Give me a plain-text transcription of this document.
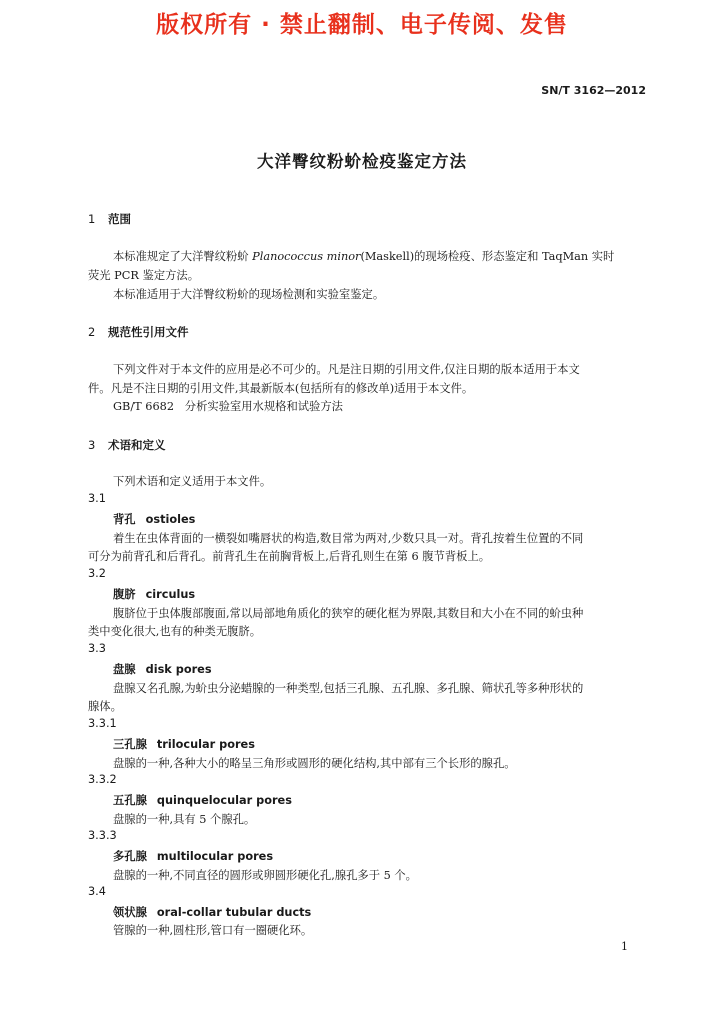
版权所有 · 禁止翻制、电子传阅、发售
SN/T 3162—2012
大洋臀纹粉蚧检疫鉴定方法
1 范围
本标准规定了大洋臀纹粉蚧 Planococcus minor(Maskell)的现场检疫、形态鉴定和 TaqMan 实时
荧光 PCR 鉴定方法。
本标准适用于大洋臀纹粉蚧的现场检测和实验室鉴定。
2 规范性引用文件
下列文件对于本文件的应用是必不可少的。凡是注日期的引用文件,仅注日期的版本适用于本文
件。凡是不注日期的引用文件,其最新版本(包括所有的修改单)适用于本文件。
GB/T 6682   分析实验室用水规格和试验方法
3 术语和定义
下列术语和定义适用于本文件。
3.1
背孔 ostioles
着生在虫体背面的一横裂如嘴唇状的构造,数目常为两对,少数只具一对。背孔按着生位置的不同
可分为前背孔和后背孔。前背孔生在前胸背板上,后背孔则生在第 6 腹节背板上。
3.2
腹脐 circulus
腹脐位于虫体腹部腹面,常以局部地角质化的狭窄的硬化框为界限,其数目和大小在不同的蚧虫种
类中变化很大,也有的种类无腹脐。
3.3
盘腺 disk pores
盘腺又名孔腺,为蚧虫分泌蜡腺的一种类型,包括三孔腺、五孔腺、多孔腺、筛状孔等多种形状的
腺体。
3.3.1
三孔腺 trilocular pores
盘腺的一种,各种大小的略呈三角形或圆形的硬化结构,其中部有三个长形的腺孔。
3.3.2
五孔腺 quinquelocular pores
盘腺的一种,具有 5 个腺孔。
3.3.3
多孔腺 multilocular pores
盘腺的一种,不同直径的圆形或卵圆形硬化孔,腺孔多于 5 个。
3.4
领状腺 oral-collar tubular ducts
管腺的一种,圆柱形,管口有一圈硬化环。
1
